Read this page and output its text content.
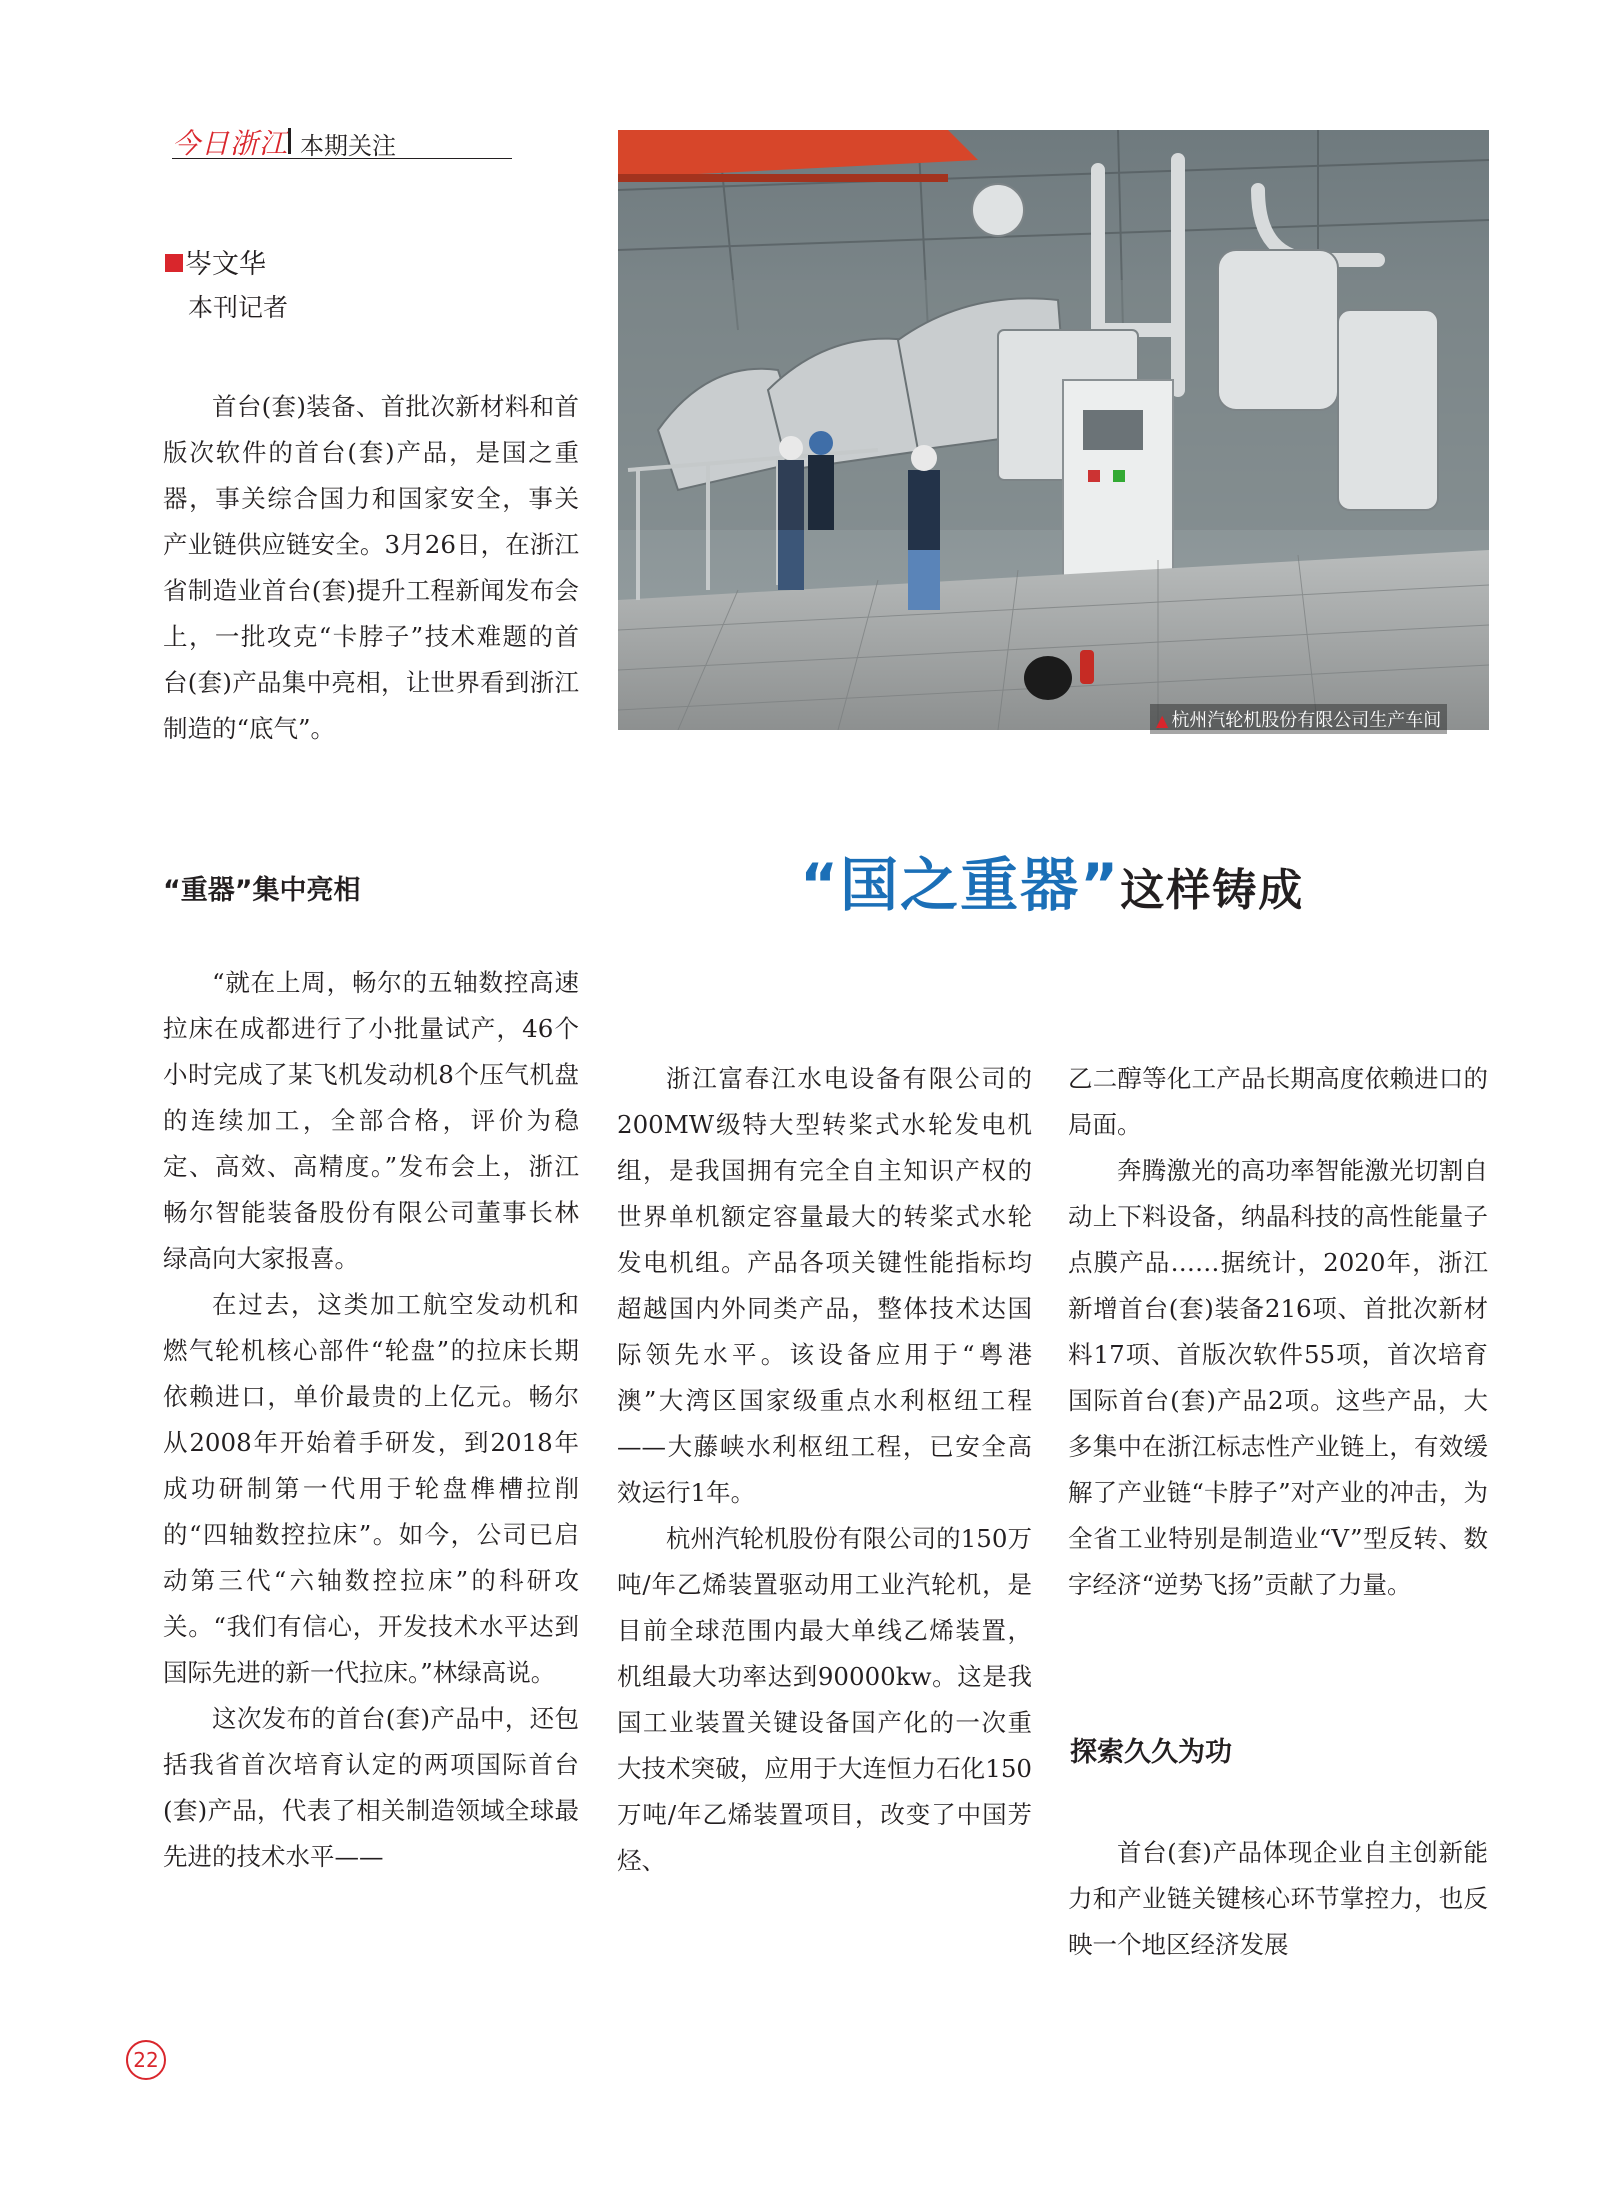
今日浙江 本期关注
岑文华
本刊记者
▲ 杭州汽轮机股份有限公司生产车间

首台(套)装备、首批次新材料和首版次软件的首台(套)产品，是国之重器，事关综合国力和国家安全，事关产业链供应链安全。3月26日，在浙江省制造业首台(套)提升工程新闻发布会上，一批攻克“卡脖子”技术难题的首台(套)产品集中亮相，让世界看到浙江制造的“底气”。

“重器”集中亮相	“国之重器”这样铸成

“就在上周，畅尔的五轴数控高速拉床在成都进行了小批量试产，46个小时完成了某飞机发动机8个压气机盘的连续加工，全部合格，评价为稳定、高效、高精度。”发布会上，浙江畅尔智能装备股份有限公司董事长林绿高向大家报喜。

在过去，这类加工航空发动机和燃气轮机核心部件“轮盘”的拉床长期依赖进口，单价最贵的上亿元。畅尔从2008年开始着手研发，到2018年成功研制第一代用于轮盘榫槽拉削的“四轴数控拉床”。如今，公司已启动第三代“六轴数控拉床”的科研攻关。“我们有信心，开发技术水平达到国际先进的新一代拉床。”林绿高说。

这次发布的首台(套)产品中，还包括我省首次培育认定的两项国际首台(套)产品，代表了相关制造领域全球最先进的技术水平——

浙江富春江水电设备有限公司的200MW级特大型转桨式水轮发电机组，是我国拥有完全自主知识产权的世界单机额定容量最大的转桨式水轮发电机组。产品各项关键性能指标均超越国内外同类产品，整体技术达国际领先水平。该设备应用于“粤港澳”大湾区国家级重点水利枢纽工程——大藤峡水利枢纽工程，已安全高效运行1年。

杭州汽轮机股份有限公司的150万吨/年乙烯装置驱动用工业汽轮机，是目前全球范围内最大单线乙烯装置，机组最大功率达到90000kw。这是我国工业装置关键设备国产化的一次重大技术突破，应用于大连恒力石化150万吨/年乙烯装置项目，改变了中国芳烃、

乙二醇等化工产品长期高度依赖进口的局面。

奔腾激光的高功率智能激光切割自动上下料设备，纳晶科技的高性能量子点膜产品……据统计，2020年，浙江新增首台(套)装备216项、首批次新材料17项、首版次软件55项，首次培育国际首台(套)产品2项。这些产品，大多集中在浙江标志性产业链上，有效缓解了产业链“卡脖子”对产业的冲击，为全省工业特别是制造业“V”型反转、数字经济“逆势飞扬”贡献了力量。

探索久久为功

首台(套)产品体现企业自主创新能力和产业链关键核心环节掌控力，也反映一个地区经济发展

22
